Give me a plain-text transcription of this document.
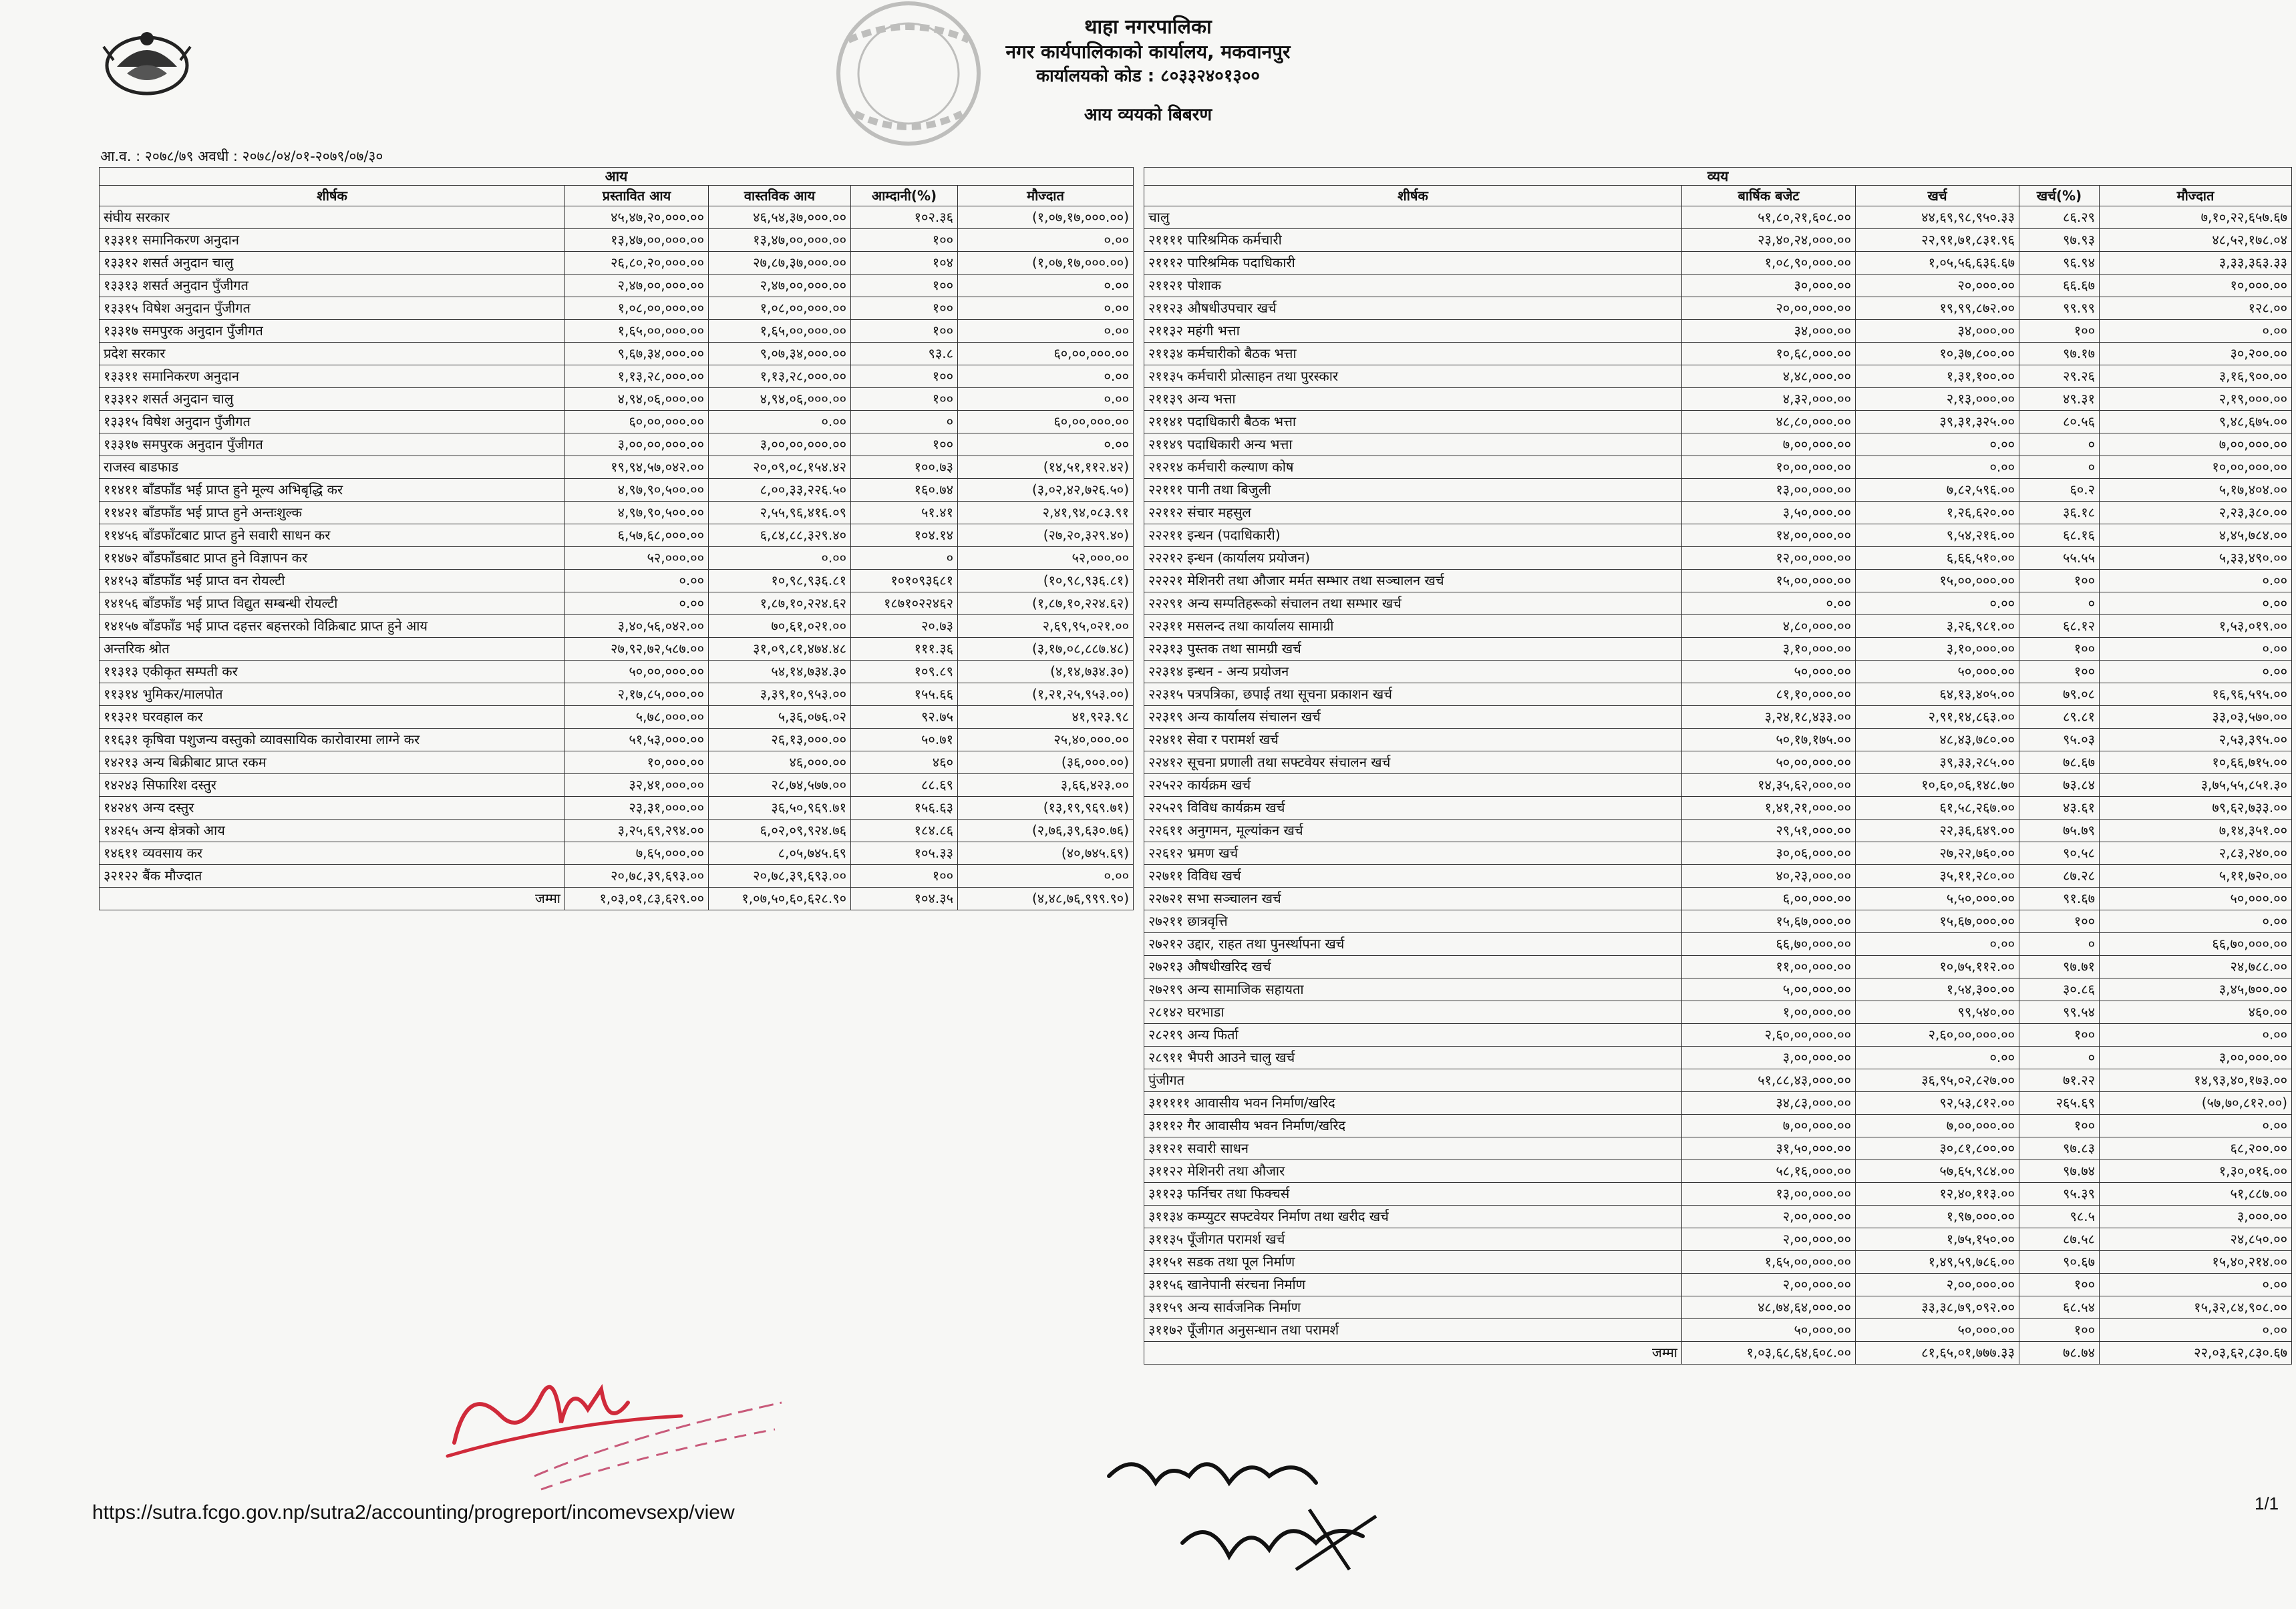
थाहा नगरपालिका
नगर कार्यपालिकाको कार्यालय, मकवानपुर
कार्यालयको कोड : ८०३३२४०१३००
आय व्ययको बिबरण
आ.व. : २०७८/७९ अवधी : २०७८/०४/०१-२०७९/०७/३०
आय				
शीर्षक	प्रस्तावित आय	वास्तविक आय	आम्दानी(%)	मौज्दात
संघीय सरकार	४५,४७,२०,०००.००	४६,५४,३७,०००.००	१०२.३६	(१,०७,१७,०००.००)
१३३११ समानिकरण अनुदान	१३,४७,००,०००.००	१३,४७,००,०००.००	१००	०.००
१३३१२ शसर्त अनुदान चालु	२६,८०,२०,०००.००	२७,८७,३७,०००.००	१०४	(१,०७,१७,०००.००)
१३३१३ शसर्त अनुदान पुँजीगत	२,४७,००,०००.००	२,४७,००,०००.००	१००	०.००
१३३१५ विषेश अनुदान पुँजीगत	१,०८,००,०००.००	१,०८,००,०००.००	१००	०.००
१३३१७ समपुरक अनुदान पुँजीगत	१,६५,००,०००.००	१,६५,००,०००.००	१००	०.००
प्रदेश सरकार	९,६७,३४,०००.००	९,०७,३४,०००.००	९३.८	६०,००,०००.००
१३३११ समानिकरण अनुदान	१,१३,२८,०००.००	१,१३,२८,०००.००	१००	०.००
१३३१२ शसर्त अनुदान चालु	४,९४,०६,०००.००	४,९४,०६,०००.००	१००	०.००
१३३१५ विषेश अनुदान पुँजीगत	६०,००,०००.००	०.००	०	६०,००,०००.००
१३३१७ समपुरक अनुदान पुँजीगत	३,००,००,०००.००	३,००,००,०००.००	१००	०.००
राजस्व बाडफाड	१९,९४,५७,०४२.००	२०,०९,०८,१५४.४२	१००.७३	(१४,५१,११२.४२)
११४११ बाँडफाँड भई प्राप्त हुने मूल्य अभिबृद्धि कर	४,९७,९०,५००.००	८,००,३३,२२६.५०	१६०.७४	(३,०२,४२,७२६.५०)
११४२१ बाँडफाँड भई प्राप्त हुने अन्तःशुल्क	४,९७,९०,५००.००	२,५५,९६,४१६.०९	५१.४१	२,४१,९४,०८३.९१
११४५६ बाँडफाँटबाट प्राप्त हुने सवारी साधन कर	६,५७,६८,०००.००	६,८४,८८,३२९.४०	१०४.१४	(२७,२०,३२९.४०)
११४७२ बाँडफाँडबाट प्राप्त हुने विज्ञापन कर	५२,०००.००	०.००	०	५२,०००.००
१४१५३ बाँडफाँड भई प्राप्त वन रोयल्टी	०.००	१०,९८,९३६.८१	१०१०९३६८१	(१०,९८,९३६.८१)
१४१५६ बाँडफाँड भई प्राप्त विद्युत सम्बन्धी रोयल्टी	०.००	१,८७,१०,२२४.६२	१८७१०२२४६२	(१,८७,१०,२२४.६२)
१४१५७ बाँडफाँड भई प्राप्त दहत्तर बहत्तरको विक्रिबाट प्राप्त हुने आय	३,४०,५६,०४२.००	७०,६१,०२१.००	२०.७३	२,६९,९५,०२१.००
अन्तरिक श्रोत	२७,९२,७२,५८७.००	३१,०९,८१,४७४.४८	१११.३६	(३,१७,०८,८८७.४८)
११३१३ एकीकृत सम्पती कर	५०,००,०००.००	५४,१४,७३४.३०	१०९.८९	(४,१४,७३४.३०)
११३१४ भुमिकर/मालपोत	२,१७,८५,०००.००	३,३९,१०,९५३.००	१५५.६६	(१,२१,२५,९५३.००)
११३२१ घरवहाल कर	५,७८,०००.००	५,३६,०७६.०२	९२.७५	४१,९२३.९८
११६३१ कृषिवा पशुजन्य वस्तुको व्यावसायिक कारोवारमा लाग्ने कर	५१,५३,०००.००	२६,१३,०००.००	५०.७१	२५,४०,०००.००
१४२१३ अन्य बिक्रीबाट प्राप्त रकम	१०,०००.००	४६,०००.००	४६०	(३६,०००.००)
१४२४३ सिफारिश दस्तुर	३२,४१,०००.००	२८,७४,५७७.००	८८.६९	३,६६,४२३.००
१४२४९ अन्य दस्तुर	२३,३१,०००.००	३६,५०,९६९.७१	१५६.६३	(१३,१९,९६९.७१)
१४२६५ अन्य क्षेत्रको आय	३,२५,६९,२९४.००	६,०२,०९,९२४.७६	१८४.८६	(२,७६,३९,६३०.७६)
१४६११ व्यवसाय कर	७,६५,०००.००	८,०५,७४५.६९	१०५.३३	(४०,७४५.६९)
३२१२२ बैंक मौज्दात	२०,७८,३९,६९३.००	२०,७८,३९,६९३.००	१००	०.००
जम्मा	१,०३,०१,८३,६२९.००	१,०७,५०,६०,६२८.९०	१०४.३५	(४,४८,७६,९९९.९०)
व्यय				
शीर्षक	बार्षिक बजेट	खर्च	खर्च(%)	मौज्दात
चालु	५१,८०,२१,६०८.००	४४,६९,९८,९५०.३३	८६.२९	७,१०,२२,६५७.६७
२११११ पारिश्रमिक कर्मचारी	२३,४०,२४,०००.००	२२,९१,७१,८३१.९६	९७.९३	४८,५२,१७८.०४
२१११२ पारिश्रमिक पदाधिकारी	१,०८,९०,०००.००	१,०५,५६,६३६.६७	९६.९४	३,३३,३६३.३३
२११२१ पोशाक	३०,०००.००	२०,०००.००	६६.६७	१०,०००.००
२११२३ औषधीउपचार खर्च	२०,००,०००.००	१९,९९,८७२.००	९९.९९	१२८.००
२११३२ महंगी भत्ता	३४,०००.००	३४,०००.००	१००	०.००
२११३४ कर्मचारीको बैठक भत्ता	१०,६८,०००.००	१०,३७,८००.००	९७.१७	३०,२००.००
२११३५ कर्मचारी प्रोत्साहन तथा पुरस्कार	४,४८,०००.००	१,३१,१००.००	२९.२६	३,१६,९००.००
२११३९ अन्य भत्ता	४,३२,०००.००	२,१३,०००.००	४९.३१	२,१९,०००.००
२११४१ पदाधिकारी बैठक भत्ता	४८,८०,०००.००	३९,३१,३२५.००	८०.५६	९,४८,६७५.००
२११४९ पदाधिकारी अन्य भत्ता	७,००,०००.००	०.००	०	७,००,०००.००
२१२१४ कर्मचारी कल्याण कोष	१०,००,०००.००	०.००	०	१०,००,०००.००
२२१११ पानी तथा बिजुली	१३,००,०००.००	७,८२,५९६.००	६०.२	५,१७,४०४.००
२२११२ संचार महसुल	३,५०,०००.००	१,२६,६२०.००	३६.१८	२,२३,३८०.००
२२२११ इन्धन (पदाधिकारी)	१४,००,०००.००	९,५४,२१६.००	६८.१६	४,४५,७८४.००
२२२१२ इन्धन (कार्यालय प्रयोजन)	१२,००,०००.००	६,६६,५१०.००	५५.५५	५,३३,४९०.००
२२२२१ मेशिनरी तथा औजार मर्मत सम्भार तथा सञ्चालन खर्च	१५,००,०००.००	१५,००,०००.००	१००	०.००
२२२९१ अन्य सम्पतिहरूको संचालन तथा सम्भार खर्च	०.००	०.००	०	०.००
२२३११ मसलन्द तथा कार्यालय सामाग्री	४,८०,०००.००	३,२६,९८१.००	६८.१२	१,५३,०१९.००
२२३१३ पुस्तक तथा सामग्री खर्च	३,१०,०००.००	३,१०,०००.००	१००	०.००
२२३१४ इन्धन - अन्य प्रयोजन	५०,०००.००	५०,०००.००	१००	०.००
२२३१५ पत्रपत्रिका, छपाई तथा सूचना प्रकाशन खर्च	८१,१०,०००.००	६४,१३,४०५.००	७९.०८	१६,९६,५९५.००
२२३१९ अन्य कार्यालय संचालन खर्च	३,२४,१८,४३३.००	२,९१,१४,८६३.००	८९.८१	३३,०३,५७०.००
२२४११ सेवा र परामर्श खर्च	५०,१७,१७५.००	४८,४३,७८०.००	९५.०३	२,५३,३९५.००
२२४१२ सूचना प्रणाली तथा सफ्टवेयर संचालन खर्च	५०,००,०००.००	३९,३३,२८५.००	७८.६७	१०,६६,७१५.००
२२५२२ कार्यक्रम खर्च	१४,३५,६२,०००.००	१०,६०,०६,१४८.७०	७३.८४	३,७५,५५,८५१.३०
२२५२९ विविध कार्यक्रम खर्च	१,४१,२१,०००.००	६१,५८,२६७.००	४३.६१	७९,६२,७३३.००
२२६११ अनुगमन, मूल्यांकन खर्च	२९,५१,०००.००	२२,३६,६४९.००	७५.७९	७,१४,३५१.००
२२६१२ भ्रमण खर्च	३०,०६,०००.००	२७,२२,७६०.००	९०.५८	२,८३,२४०.००
२२७११ विविध खर्च	४०,२३,०००.००	३५,११,२८०.००	८७.२८	५,११,७२०.००
२२७२१ सभा सञ्चालन खर्च	६,००,०००.००	५,५०,०००.००	९१.६७	५०,०००.००
२७२११ छात्रवृत्ति	१५,६७,०००.००	१५,६७,०००.००	१००	०.००
२७२१२ उद्दार, राहत तथा पुनर्स्थापना खर्च	६६,७०,०००.००	०.००	०	६६,७०,०००.००
२७२१३ औषधीखरिद खर्च	११,००,०००.००	१०,७५,११२.००	९७.७१	२४,७८८.००
२७२१९ अन्य सामाजिक सहायता	५,००,०००.००	१,५४,३००.००	३०.८६	३,४५,७००.००
२८१४२ घरभाडा	१,००,०००.००	९९,५४०.००	९९.५४	४६०.००
२८२१९ अन्य फिर्ता	२,६०,००,०००.००	२,६०,००,०००.००	१००	०.००
२८९११ भैपरी आउने चालु खर्च	३,००,०००.००	०.००	०	३,००,०००.००
पुंजीगत	५१,८८,४३,०००.००	३६,९५,०२,८२७.००	७१.२२	१४,९३,४०,१७३.००
३१११११ आवासीय भवन निर्माण/खरिद	३४,८३,०००.००	९२,५३,८१२.००	२६५.६९	(५७,७०,८१२.००)
३१११२ गैर आवासीय भवन निर्माण/खरिद	७,००,०००.००	७,००,०००.००	१००	०.००
३११२१ सवारी साधन	३१,५०,०००.००	३०,८१,८००.००	९७.८३	६८,२००.००
३११२२ मेशिनरी तथा औजार	५८,१६,०००.००	५७,६५,९८४.००	९७.७४	१,३०,०१६.००
३११२३ फर्निचर तथा फिक्चर्स	१३,००,०००.००	१२,४०,११३.००	९५.३९	५१,८८७.००
३११३४ कम्प्युटर सफ्टवेयर निर्माण तथा खरीद खर्च	२,००,०००.००	१,९७,०००.००	९८.५	३,०००.००
३११३५ पूँजीगत परामर्श खर्च	२,००,०००.००	१,७५,१५०.००	८७.५८	२४,८५०.००
३११५१ सडक तथा पूल निर्माण	१,६५,००,०००.००	१,४९,५९,७८६.००	९०.६७	१५,४०,२१४.००
३११५६ खानेपानी संरचना निर्माण	२,००,०००.००	२,००,०००.००	१००	०.००
३११५९ अन्य सार्वजनिक निर्माण	४८,७४,६४,०००.००	३३,३८,७९,०९२.००	६८.५४	१५,३२,८४,९०८.००
३११७२ पूँजीगत अनुसन्धान तथा परामर्श	५०,०००.००	५०,०००.००	१००	०.००
जम्मा	१,०३,६८,६४,६०८.००	८१,६५,०१,७७७.३३	७८.७४	२२,०३,६२,८३०.६७
https://sutra.fcgo.gov.np/sutra2/accounting/progreport/incomevsexp/view	1/1
